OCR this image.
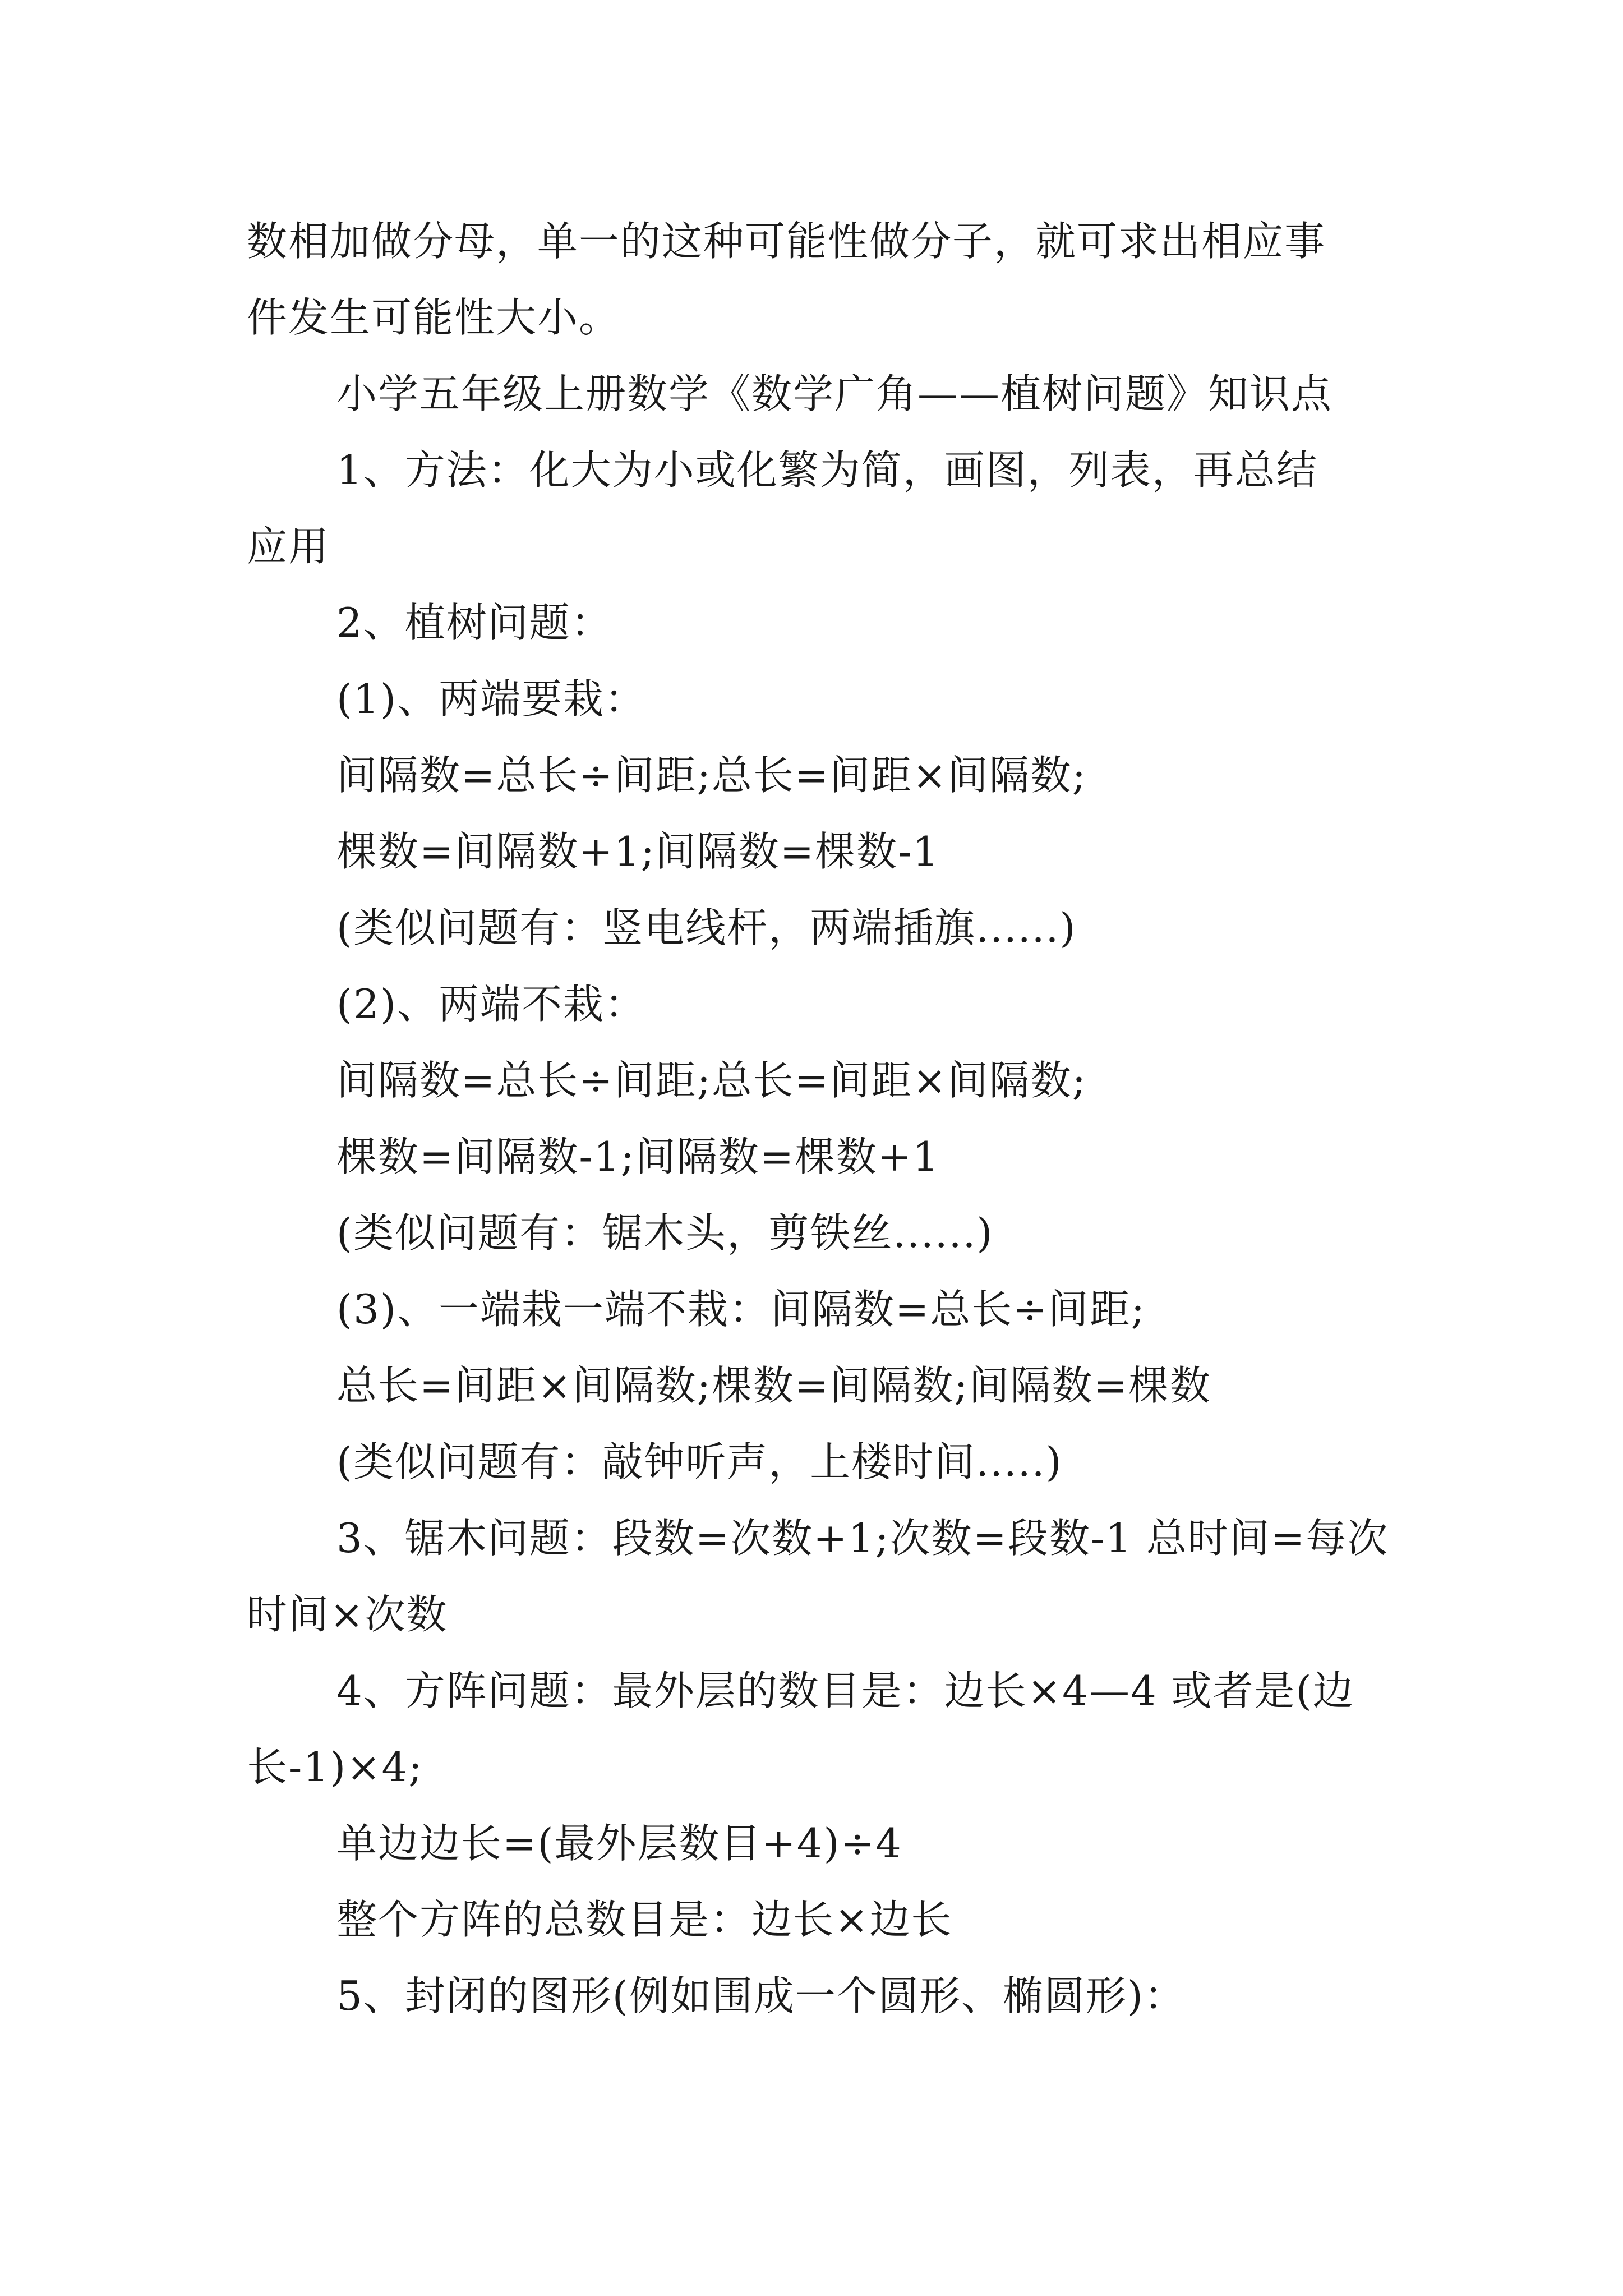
数相加做分母，单一的这种可能性做分子，就可求出相应事
件发生可能性大小。
小学五年级上册数学《数学广角——植树问题》知识点
1、方法：化大为小或化繁为简，画图，列表，再总结
应用
2、植树问题：
(1)、两端要栽：
间隔数=总长÷间距;总长=间距×间隔数;
棵数=间隔数+1;间隔数=棵数-1
(类似问题有：竖电线杆，两端插旗......)
(2)、两端不栽：
间隔数=总长÷间距;总长=间距×间隔数;
棵数=间隔数-1;间隔数=棵数+1
(类似问题有：锯木头，剪铁丝......)
(3)、一端栽一端不栽：间隔数=总长÷间距;
总长=间距×间隔数;棵数=间隔数;间隔数=棵数
(类似问题有：敲钟听声，上楼时间.....)
3、锯木问题：段数=次数+1;次数=段数-1 总时间=每次
时间×次数
4、方阵问题：最外层的数目是：边长×4—4 或者是(边
长-1)×4;
单边边长=(最外层数目+4)÷4
整个方阵的总数目是：边长×边长
5、封闭的图形(例如围成一个圆形、椭圆形)：
